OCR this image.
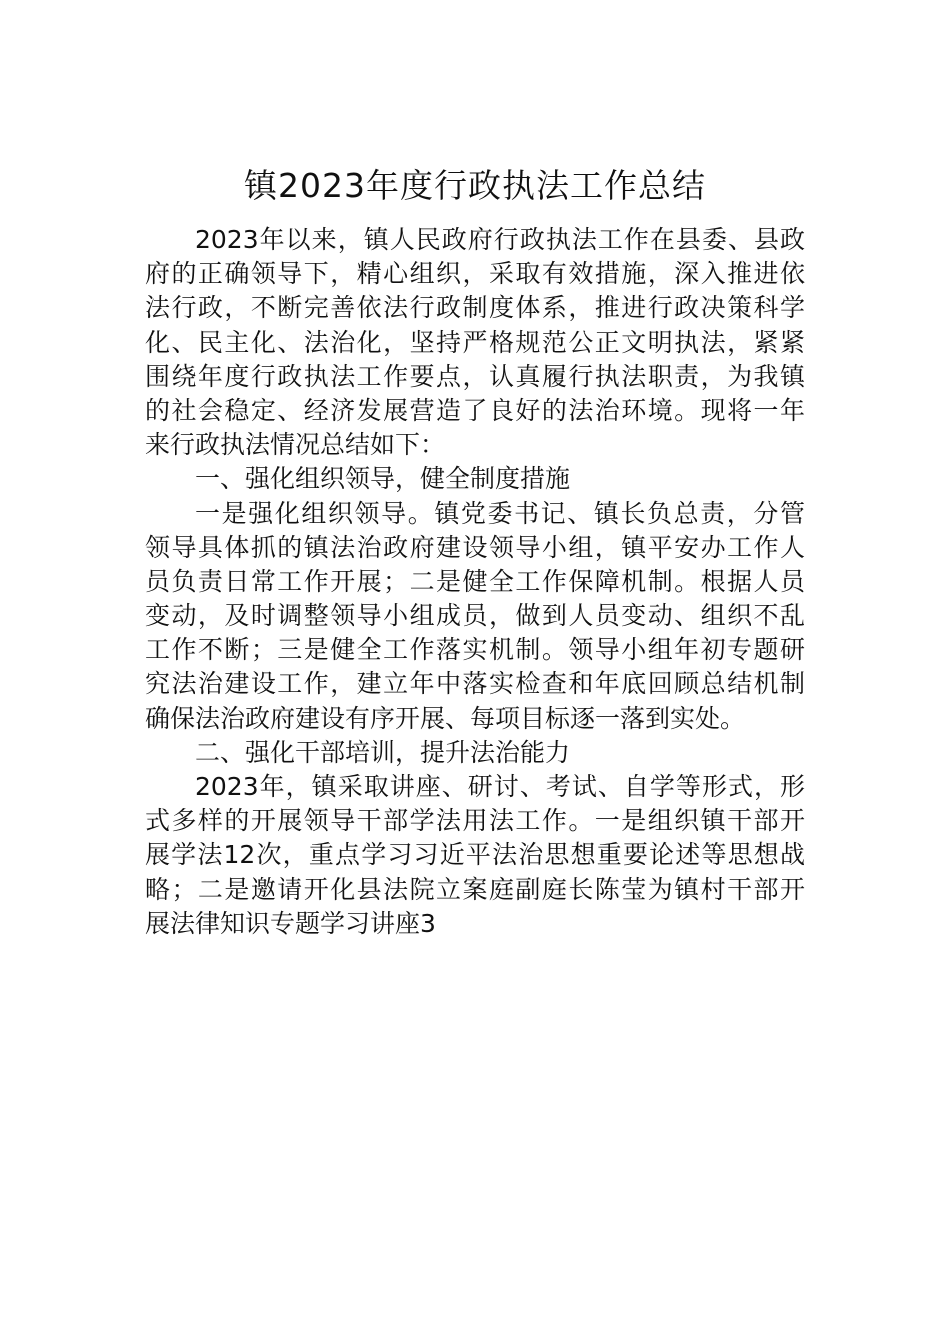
镇2023年度行政执法工作总结
2023年以来，镇人民政府行政执法工作在县委、县政
府的正确领导下，精心组织，采取有效措施，深入推进依
法行政，不断完善依法行政制度体系，推进行政决策科学
化、民主化、法治化，坚持严格规范公正文明执法，紧紧
围绕年度行政执法工作要点，认真履行执法职责，为我镇
的社会稳定、经济发展营造了良好的法治环境。现将一年
来行政执法情况总结如下：
一、强化组织领导，健全制度措施
一是强化组织领导。镇党委书记、镇长负总责，分管
领导具体抓的镇法治政府建设领导小组，镇平安办工作人
员负责日常工作开展；二是健全工作保障机制。根据人员
变动，及时调整领导小组成员，做到人员变动、组织不乱
工作不断；三是健全工作落实机制。领导小组年初专题研
究法治建设工作，建立年中落实检查和年底回顾总结机制
确保法治政府建设有序开展、每项目标逐一落到实处。
二、强化干部培训，提升法治能力
2023年，镇采取讲座、研讨、考试、自学等形式，形
式多样的开展领导干部学法用法工作。一是组织镇干部开
展学法12次，重点学习习近平法治思想重要论述等思想战
略；二是邀请开化县法院立案庭副庭长陈莹为镇村干部开
展法律知识专题学习讲座3
